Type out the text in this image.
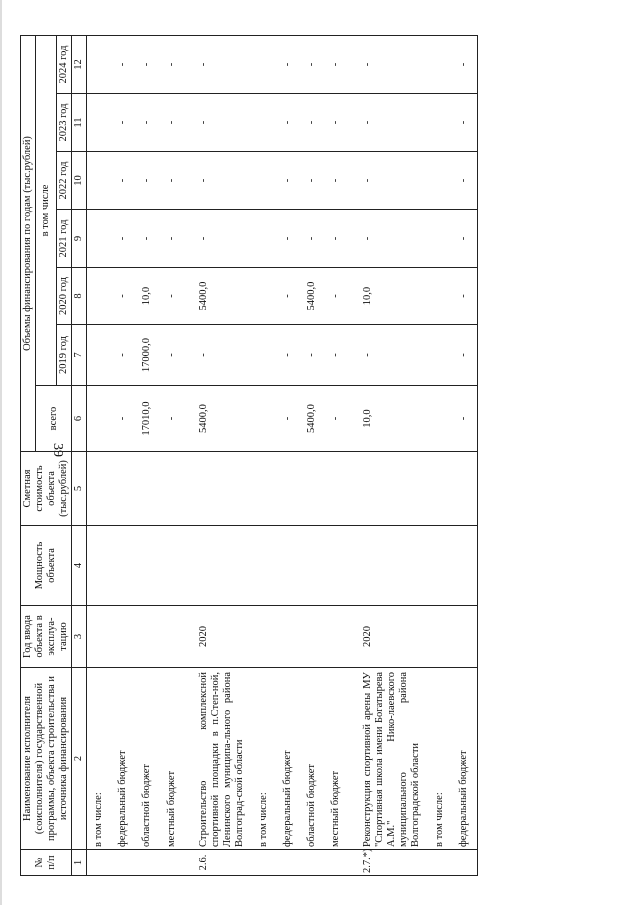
39
№ п/п	Наименование исполнителя (соисполнителя) государственной программы, объекта строительства и источника финансирования	Год ввода объекта в эксплуа-тацию	Мощность объекта	Сметная стоимость объекта (тыс.рублей)	Объемы финансирования по годам (тыс.рублей)						
					всего	в том числе					
						2019 год	2020 год	2021 год	2022 год	2023 год	2024 год
1	2	3	4	5	6	7	8	9	10	11	12
	в том числе:										
	федеральный бюджет				-	-	-	-	-	-	-
	областной бюджет				17010,0	17000,0	10,0	-	-	-	-
	местный бюджет				-	-	-	-	-	-	-
2.6.	Строительство комплексной спортивной площадки в п.Степ-ной, Ленинского муниципа-льного района Волгоград-ской области	2020			5400,0	-	5400,0	-	-	-	-
	в том числе:										
	федеральный бюджет				-	-	-	-	-	-	-
	областной бюджет				5400,0	-	5400,0	-	-	-	-
	местный бюджет				-	-	-	-	-	-	-
2.7.*)	Реконструкция спортивной арены МУ "Спортивная школа имени Богатырева А.М." Нико-лаевского муниципального района Волгоградской области	2020			10,0	-	10,0	-	-	-	-
	в том числе:										
	федеральный бюджет				-	-	-	-	-	-	-
